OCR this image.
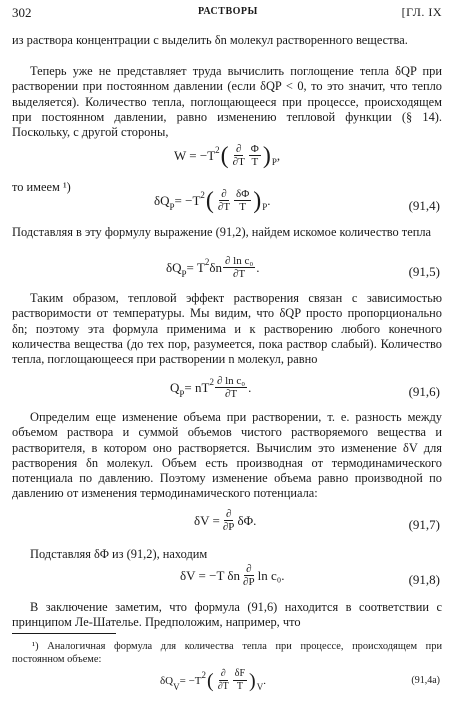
302	РАСТВОРЫ	[ГЛ. IX

из раствора концентрации c выделить δn молекул растворенного вещества.

Теперь уже не представляет труда вычислить поглощение тепла δQP при растворении при постоянном давлении (если δQP < 0, то это значит, что тепло выделяется). Количество тепла, поглощающееся при процессе, происходящем при постоянном давлении, равно изменению тепловой функции (§ 14). Поскольку, с другой стороны,

W = −T 2 ( $\frac{\partial}{\partial T} \frac{\Phi}{T}$ ) P ,

то имеем ¹)

δQ P = −T 2 ( $\frac{\partial}{\partial T} \frac{\delta\Phi}{T}$ ) P .	(91,4)

Подставляя в эту формулу выражение (91,2), найдем искомое количество тепла

δQ P = T 2 δn $\frac{\text{∂ ln c₀}}{\partial T}$ .	(91,5)

Таким образом, тепловой эффект растворения связан с зависимостью растворимости от температуры. Мы видим, что δQP просто пропорционально δn; поэтому эта формула применима и к растворению любого конечного количества вещества (до тех пор, разумеется, пока раствор слабый). Количество тепла, поглощающееся при растворении n молекул, равно

Q P = nT $2 \frac{\text{∂ ln c₀}}{\partial T}$ .	(91,6)

Определим еще изменение объема при растворении, т. е. разность между объемом раствора и суммой объемов чистого растворяемого вещества и растворителя, в котором оно растворяется. Вычислим это изменение δV для растворения δn молекул. Объем есть производная от термодинамического потенциала по давлению. Поэтому изменение объема равно производной по давлению от изменения термодинамического потенциала:

$\delta V = \frac{\partial}{\partial P} \delta\Phi$.	(91,7)

Подставляя δΦ из (91,2), находим

δV = −T δn $\frac{\partial}{\partial P}$ ln c₀.	(91,8)

В заключение заметим, что формула (91,6) находится в соответствии с принципом Ле-Шателье. Предположим, например, что

¹) Аналогичная формула для количества тепла при процессе, происходящем при постоянном объеме:

δQ V = −T 2 ( $\frac{\partial}{\partial T} \frac{\delta F}{T}$ ) V .	(91,4а)
